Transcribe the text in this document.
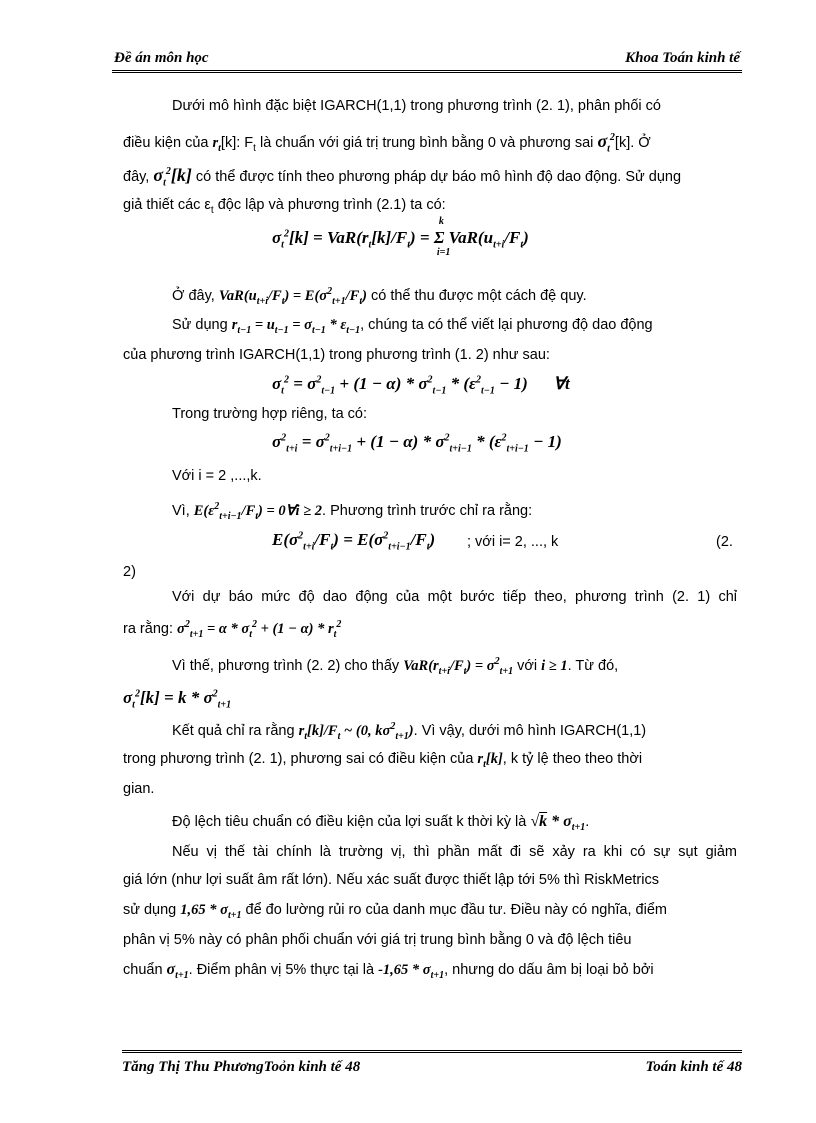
Đề án môn học	Khoa Toán kinh tế
Dưới mô hình đặc biệt IGARCH(1,1) trong phương trình (2. 1), phân phối có
điều kiện của $r_t[k]$: $F_t$ là chuẩn với giá trị trung bình bằng 0 và phương sai $\sigma_t^2[k]$. Ở
đây, $\sigma_t^2[k]$ có thể được tính theo phương pháp dự báo mô hình độ dao động. Sử dụng
giả thiết các $\varepsilon_t$ độc lập và phương trình (2.1) ta có:
$\sigma_t^2[k] = VaR(r_t[k]/F_t)$ =
k
Σ
i=1
$VaR(u_{t+i}/F_t)$
Ở đây, $VaR(u_{t+i}/F_t) = E(\sigma^2_{t+1}/F_t)$ có thể thu được một cách đệ quy.
Sử dụng $r_{t-1} = u_{t-1} = \sigma_{t-1} * \varepsilon_{t-1}$, chúng ta có thể viết lại phương độ dao động
của phương trình IGARCH(1,1) trong phương trình (1. 2) như sau:
$\sigma_t^2 = \sigma^2_{t-1} + (1 - \alpha) * \sigma^2_{t-1} * (\varepsilon^2_{t-1} - 1)$      ∀t
Trong trường hợp riêng, ta có:
$\sigma^2_{t+i} = \sigma^2_{t+i-1} + (1 - \alpha) * \sigma^2_{t+i-1} * (\varepsilon^2_{t+i-1} - 1)$
Với i = 2 ,...,k.
Vì, $E(\varepsilon^2_{t+i-1}/F_t)$ = 0∀i ≥ 2. Phương trình trước chỉ ra rằng:
$E(\sigma^2_{t+i}/F_t) = E(\sigma^2_{t+i-1}/F_t)$ ; với i= 2, ..., k	(2.
2)
Với dự báo mức độ dao động của một bước tiếp theo, phương trình (2. 1) chỉ
ra rằng: $\sigma^2_{t+1} = \alpha * \sigma_t^2 + (1 - \alpha) * r_t^2$
Vì thế, phương trình (2. 2) cho thấy $VaR(r_{t+i}/F_t) = \sigma^2_{t+1}$ với i ≥ 1. Từ đó,
$\sigma_t^2[k] = k * \sigma^2_{t+1}$
Kết quả chỉ ra rằng $r_t[k]/F_t$ ~ (0, $k\sigma^2_{t+1}$). Vì vậy, dưới mô hình IGARCH(1,1)
trong phương trình (2. 1), phương sai có điều kiện của $r_t[k]$, k tỷ lệ theo theo thời
gian.
Độ lệch tiêu chuẩn có điều kiện của lợi suất k thời kỳ là $√k * \sigma_{t+1}$.
Nếu vị thế tài chính là trường vị, thì phần mất đi sẽ xảy ra khi có sự sụt giảm
giá lớn (như lợi suất âm rất lớn). Nếu xác suất được thiết lập tới 5% thì RiskMetrics
sử dụng $1,65 * \sigma_{t+1}$ để đo lường rủi ro của danh mục đầu tư. Điều này có nghĩa, điểm
phân vị 5% này có phân phối chuẩn với giá trị trung bình bằng 0 và độ lệch tiêu
chuẩn $\sigma_{t+1}$. Điểm phân vị 5% thực tại là $-1,65 * \sigma_{t+1}$, nhưng do dấu âm bị loại bỏ bởi
Tăng Thị Thu PhươngToỏn kinh tế 48	Toán kinh tế 48
